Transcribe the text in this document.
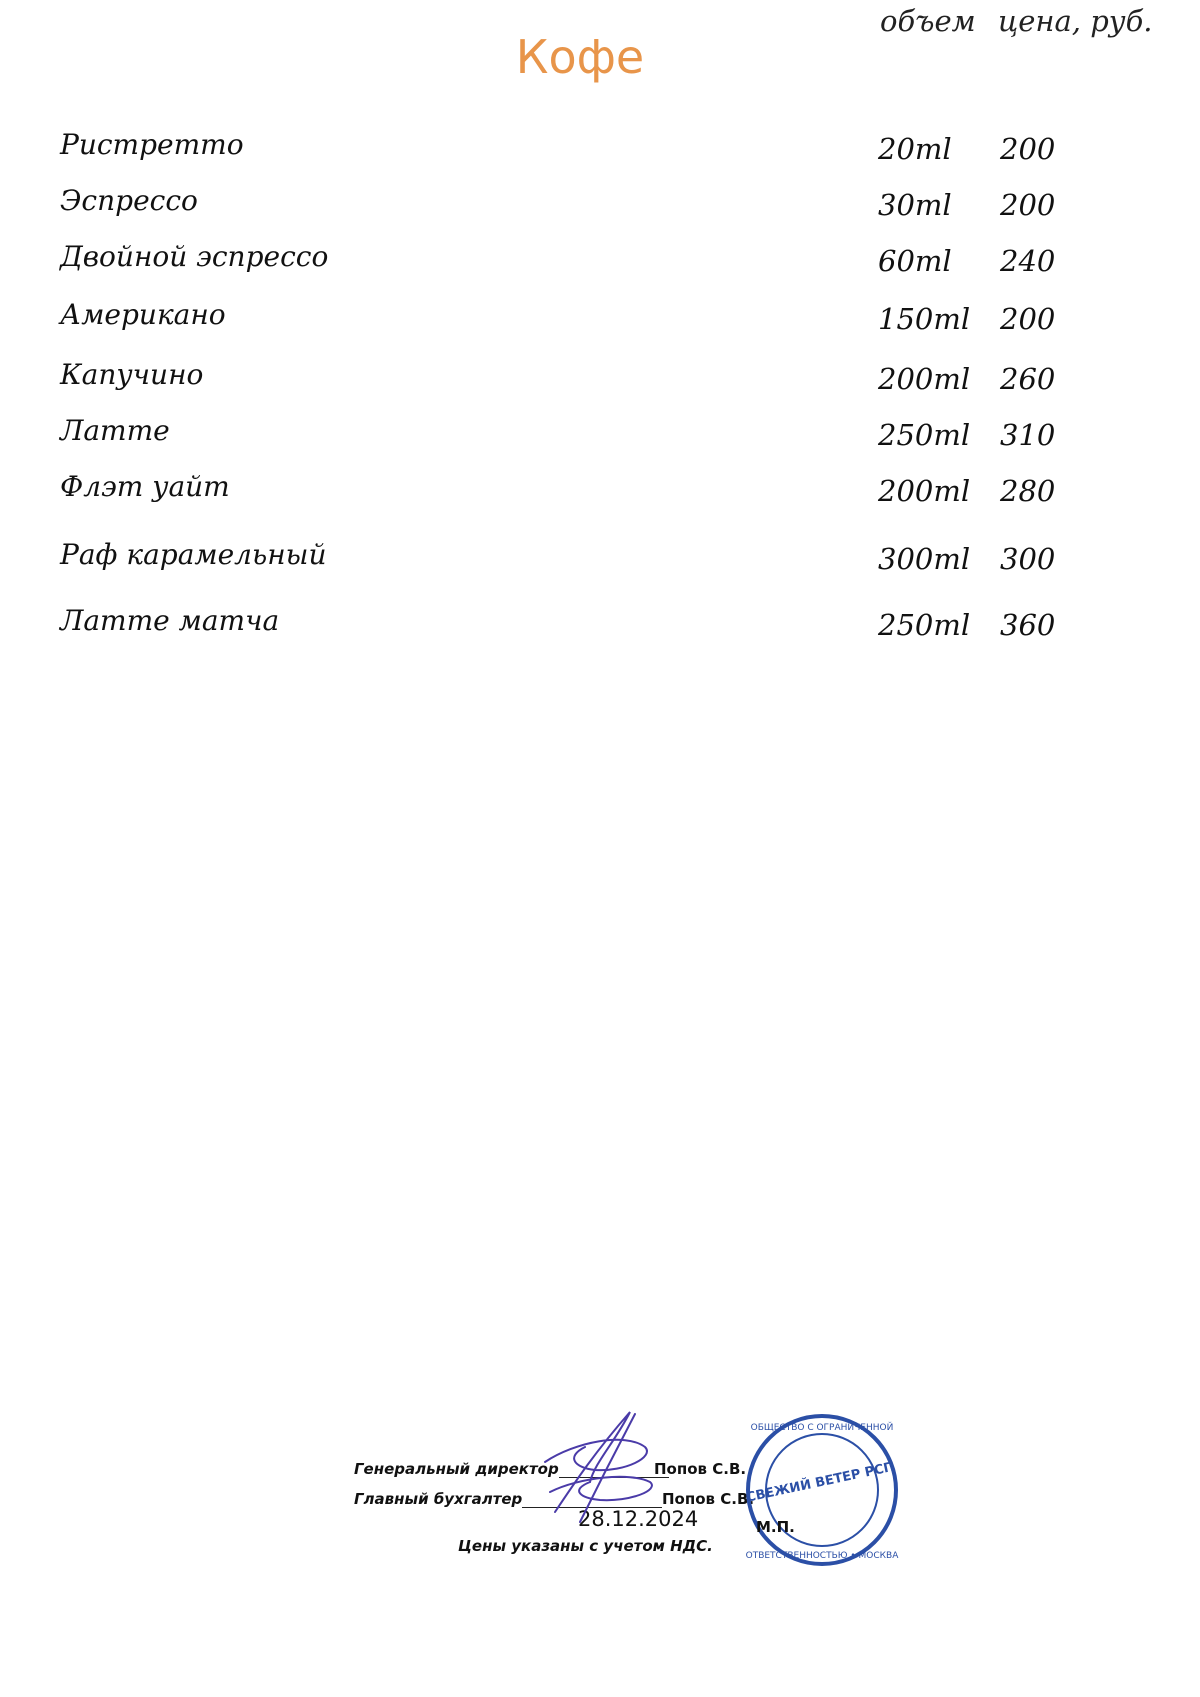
Кофе
объем цена, руб.
Ристретто	20ml 200
Эспрессо	30ml 200
Двойной эспрессо	60ml 240
Американо	150ml 200
Капучино	200ml 260
Латте	250ml 310
Флэт уайт	200ml 280
Раф карамельный	300ml 300
Латте матча	250ml 360
Генеральный директор	Попов С.В.
Главный бухгалтер	Попов С.В.
28.12.2024
Цены указаны с учетом НДС.
ОБЩЕСТВО С ОГРАНИЧЕННОЙ
ОТВЕТСТВЕННОСТЬЮ • МОСКВА
СВЕЖИЙ ВЕТЕР РСП
М.П.
